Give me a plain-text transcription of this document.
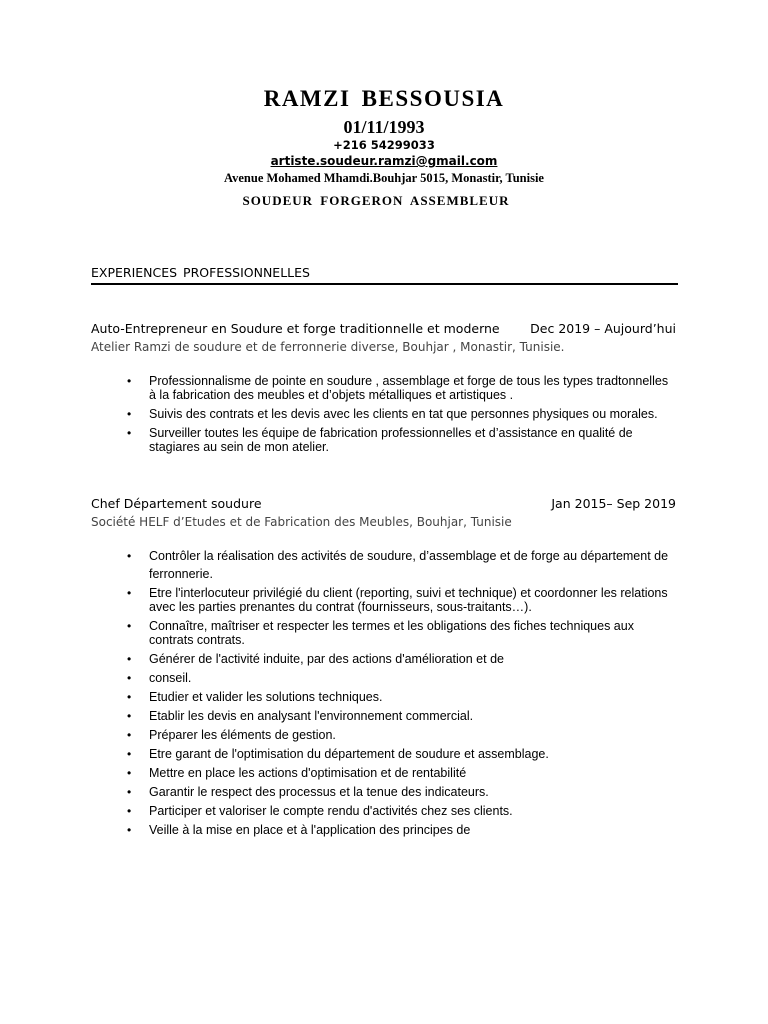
RAMZI BESSOUSIA
01/11/1993
+216 54299033
artiste.soudeur.ramzi@gmail.com
Avenue Mohamed Mhamdi.Bouhjar 5015, Monastir, Tunisie
SOUDEUR FORGERON ASSEMBLEUR
EXPERIENCES PROFESSIONNELLES
Auto-Entrepreneur en Soudure et forge traditionnelle et moderne Dec 2019 – Aujourd’hui
Atelier Ramzi de soudure et de ferronnerie diverse, Bouhjar , Monastir, Tunisie.
• Professionnalisme de pointe en soudure , assemblage et forge de tous les types tradtonnelles à la fabrication des meubles et d’objets métalliques et artistiques .
• Suivis des contrats et les devis avec les clients en tat que personnes physiques ou morales.
• Surveiller toutes les équipe de fabrication professionnelles et d’assistance en qualité de stagiares au sein de mon atelier.
Chef Département soudure	Jan 2015– Sep 2019
Société HELF d’Etudes et de Fabrication des Meubles, Bouhjar, Tunisie
• Contrôler la réalisation des activités de soudure, d’assemblage et de forge au département de
ferronnerie.
• Etre l'interlocuteur privilégié du client (reporting, suivi et technique) et coordonner les relations avec les parties prenantes du contrat (fournisseurs, sous-traitants…).
• Connaître, maîtriser et respecter les termes et les obligations des fiches techniques aux contrats contrats.
• Générer de l'activité induite, par des actions d'amélioration et de
• conseil.
• Etudier et valider les solutions techniques.
• Etablir les devis en analysant l'environnement commercial.
• Préparer les éléments de gestion.
• Etre garant de l'optimisation du département de soudure et assemblage.
• Mettre en place les actions d'optimisation et de rentabilité
• Garantir le respect des processus et la tenue des indicateurs.
• Participer et valoriser le compte rendu d'activités chez ses clients.
• Veille à la mise en place et à l'application des principes de
